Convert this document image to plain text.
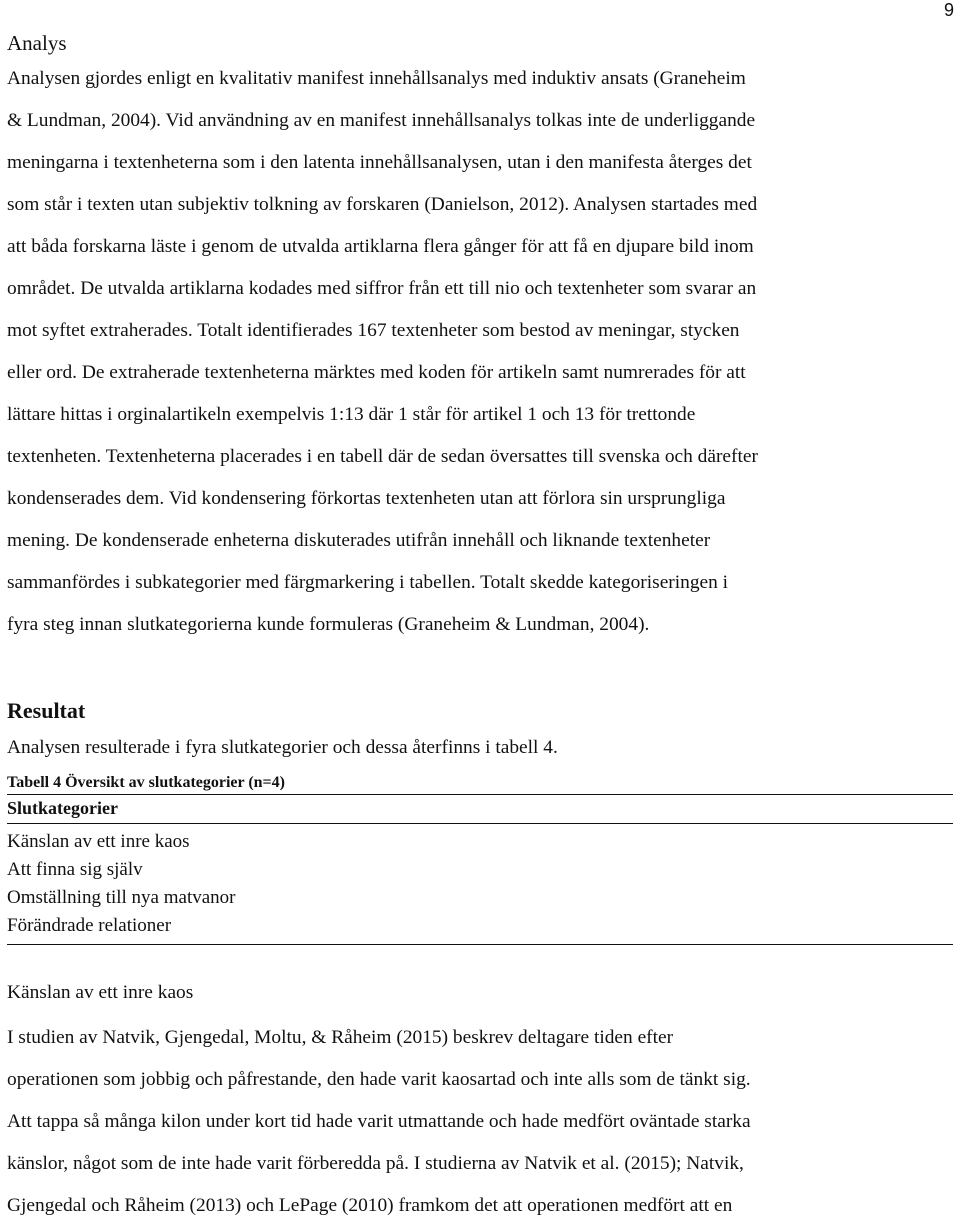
9
Analys
Analysen gjordes enligt en kvalitativ manifest innehållsanalys med induktiv ansats (Graneheim
& Lundman, 2004). Vid användning av en manifest innehållsanalys tolkas inte de underliggande
meningarna i textenheterna som i den latenta innehållsanalysen, utan i den manifesta återges det
som står i texten utan subjektiv tolkning av forskaren (Danielson, 2012). Analysen startades med
att båda forskarna läste i genom de utvalda artiklarna flera gånger för att få en djupare bild inom
området. De utvalda artiklarna kodades med siffror från ett till nio och textenheter som svarar an
mot syftet extraherades. Totalt identifierades 167 textenheter som bestod av meningar, stycken
eller ord. De extraherade textenheterna märktes med koden för artikeln samt numrerades för att
lättare hittas i orginalartikeln exempelvis 1:13 där 1 står för artikel 1 och 13 för trettonde
textenheten. Textenheterna placerades i en tabell där de sedan översattes till svenska och därefter
kondenserades dem. Vid kondensering förkortas textenheten utan att förlora sin ursprungliga
mening. De kondenserade enheterna diskuterades utifrån innehåll och liknande textenheter
sammanfördes i subkategorier med färgmarkering i tabellen. Totalt skedde kategoriseringen i
fyra steg innan slutkategorierna kunde formuleras (Graneheim & Lundman, 2004).
Resultat
Analysen resulterade i fyra slutkategorier och dessa återfinns i tabell 4.
Tabell 4 Översikt av slutkategorier (n=4)
Slutkategorier
Känslan av ett inre kaos
Att finna sig själv
Omställning till nya matvanor
Förändrade relationer
Känslan av ett inre kaos
I studien av Natvik, Gjengedal, Moltu, & Råheim (2015) beskrev deltagare tiden efter
operationen som jobbig och påfrestande, den hade varit kaosartad och inte alls som de tänkt sig.
Att tappa så många kilon under kort tid hade varit utmattande och hade medfört oväntade starka
känslor, något som de inte hade varit förberedda på. I studierna av Natvik et al. (2015); Natvik,
Gjengedal och Råheim (2013) och LePage (2010) framkom det att operationen medfört att en
